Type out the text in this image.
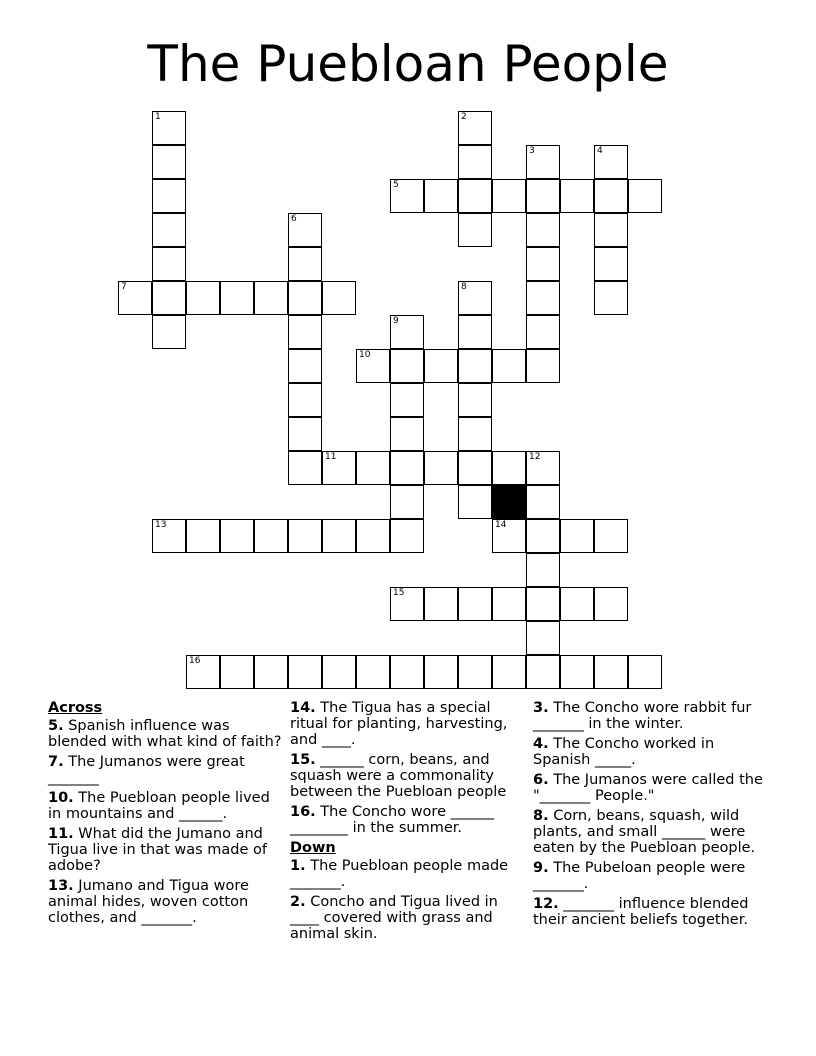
The Puebloan People
1	2
3	4
5
6
7	8
9
10
11	12
13	14
15
16
Across
5. Spanish influence was blended with what kind of faith?
7. The Jumanos were great _______
10. The Puebloan people lived in mountains and ______.
11. What did the Jumano and Tigua live in that was made of adobe?
13. Jumano and Tigua wore animal hides, woven cotton clothes, and _______.
14. The Tigua has a special ritual for planting, harvesting, and ____.
15. ______ corn, beans, and squash were a commonality between the Puebloan people
16. The Concho wore ______ ________ in the summer.
Down
1. The Puebloan people made _______.
2. Concho and Tigua lived in ____ covered with grass and animal skin.
3. The Concho wore rabbit fur _______ in the winter.
4. The Concho worked in Spanish _____.
6. The Jumanos were called the "_______ People."
8. Corn, beans, squash, wild plants, and small ______ were eaten by the Puebloan people.
9. The Pubeloan people were _______.
12. _______ influence blended their ancient beliefs together.
